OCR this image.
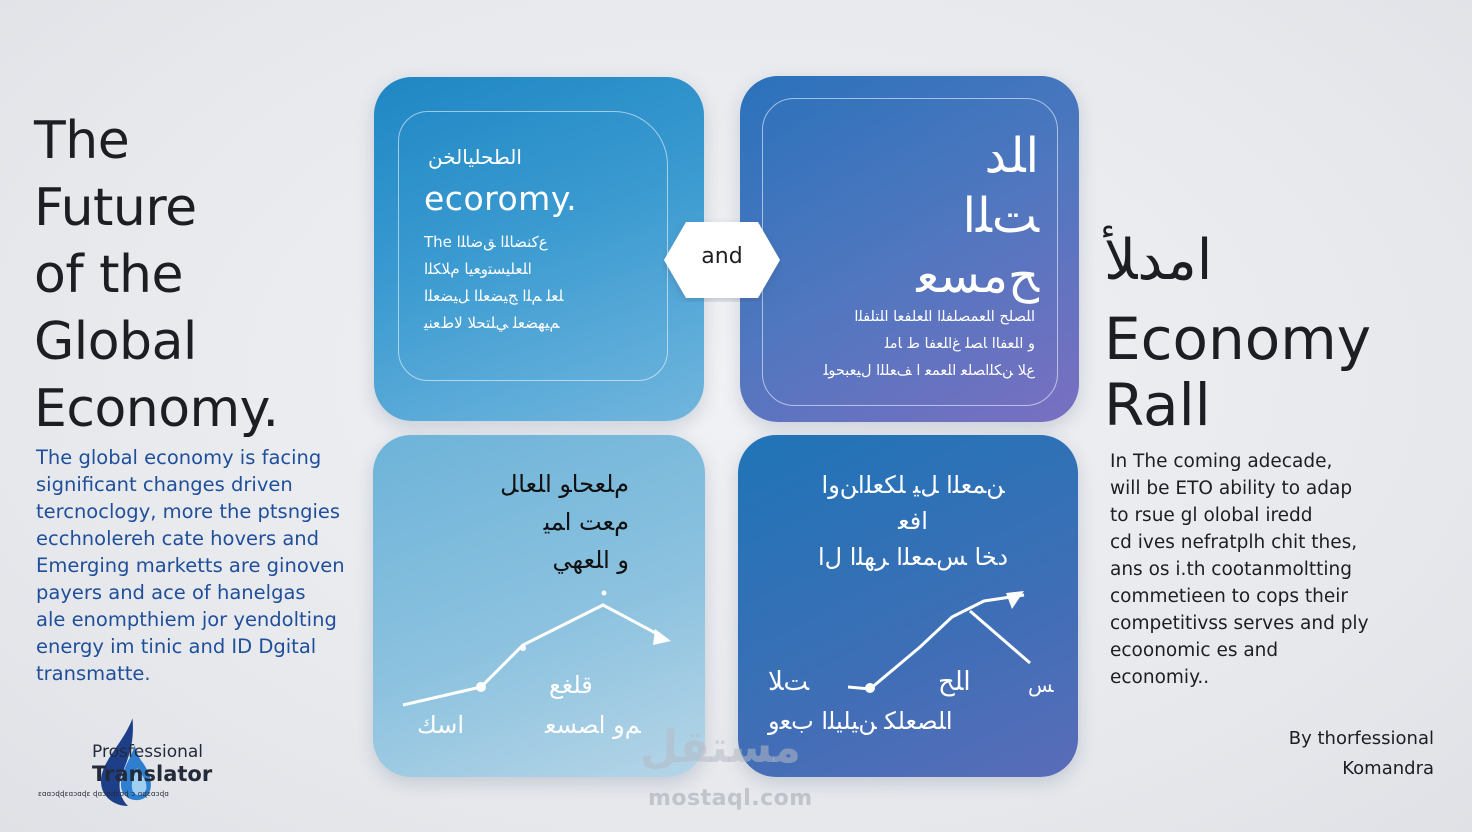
The
Future
of the
Global
Economy.
The global economy is facing
significant changes driven
tercnoclogy, more the ptsngies
ecchnolereh cate hovers and
Emerging marketts are ginoven
payers and ace of hanelgas
ale enompthiem jor yendolting
energy im tinic and ID Dgital
transmatte.
Prosfessional
Translator
ɛɑɑɔɖɖɛɑɔɑɖɛ ɖɑɔɑɖɛɑɖ ɔ ɑɖɛɑɔɖɑ
الطحليالخن
ecoromy.
The ﻉﻛﻨﻀﺎﻠﺍ ﻖﺿﺎﻠﺍ
ﺍﻠﻌﻠﻴﺴﺘﻭﻌﻴﺎ ﻡﻼﻜﻠﺍ
ﻠﻌﻠ ﻢﻠﺍ ﺞﻴﻀﻌﻠﺍ ﻞﻴﻀﻌﻠﺍ
ﻢﻴﻬﻀﻌﻠ ﻲﻠﺘﺤﻠﺎ ﻻﻁﻌﻨﻴ
ﺍﻠﺪ
ﺖﻠﺍ
ﺢﻣﺴﻌ
ﺍﻠﺼﻠﺢ ﺍﻠﻌﻤﺼﻠﻔﻠﺍ ﺍﻠﻌﻠﻔﻌﺎ ﺍﻠﺘﻠﻔﻠﺍ
ﻭ ﺍﻠﻌﻔﺎﺍ ﺎﺼﻠ ﻍﺍﻠﻌﻔﺎ ﻁ ﺎﻣﻠ
ﻉﻠﺎ ﻦﻜﻠﺍﺼﻠﻌ ﺍﻠﻌﻤﻌ ﺍ ﻒﻌﻠﻠﺍ ﻝﻴﻌﺒﺤﻮﻠ
ﻡﻠﻌﺤﺎﻮ ﺍﻠﻌﺎﻞ
ﻡﻌﺖ ﺍﻤﻴ
ﻭ ﺍﻠﻌﻬﻲ
قلغع
اسك	ﻢﻭ ﺍﺼﺴﻌ
ﻦﻤﻌﻠﺍ ﻞﻴ ﻠﻜﻌﻠﺍﻦﻭﺍ
ﺍﻓﻌ
ﺩﺨﺎ ﺲﻤﻌﻠﺍ ﺮﻬﻠﺍ ﻝﺍ
ﺖﻠﺎ	ﺍﻠﺢ	ﺲ
ﺍﻠﺼﻌﻠﻜ ﻦﻴﻠﻴﻠﺍ ﺏﻌﻭ
and	ﺍﻣﺪﻠﺄ
Economy
Rall
In The coming adecade,
will be ETO ability to adap
to rsue gl olobal iredd
cd ives nefratplh chit thes,
ans os i.th cootanmoltting
commetieen to cops their
competitivss serves and ply
ecoonomic es and
economiy..
By thorfessional
Komandra
مستقل
mostaql.com
